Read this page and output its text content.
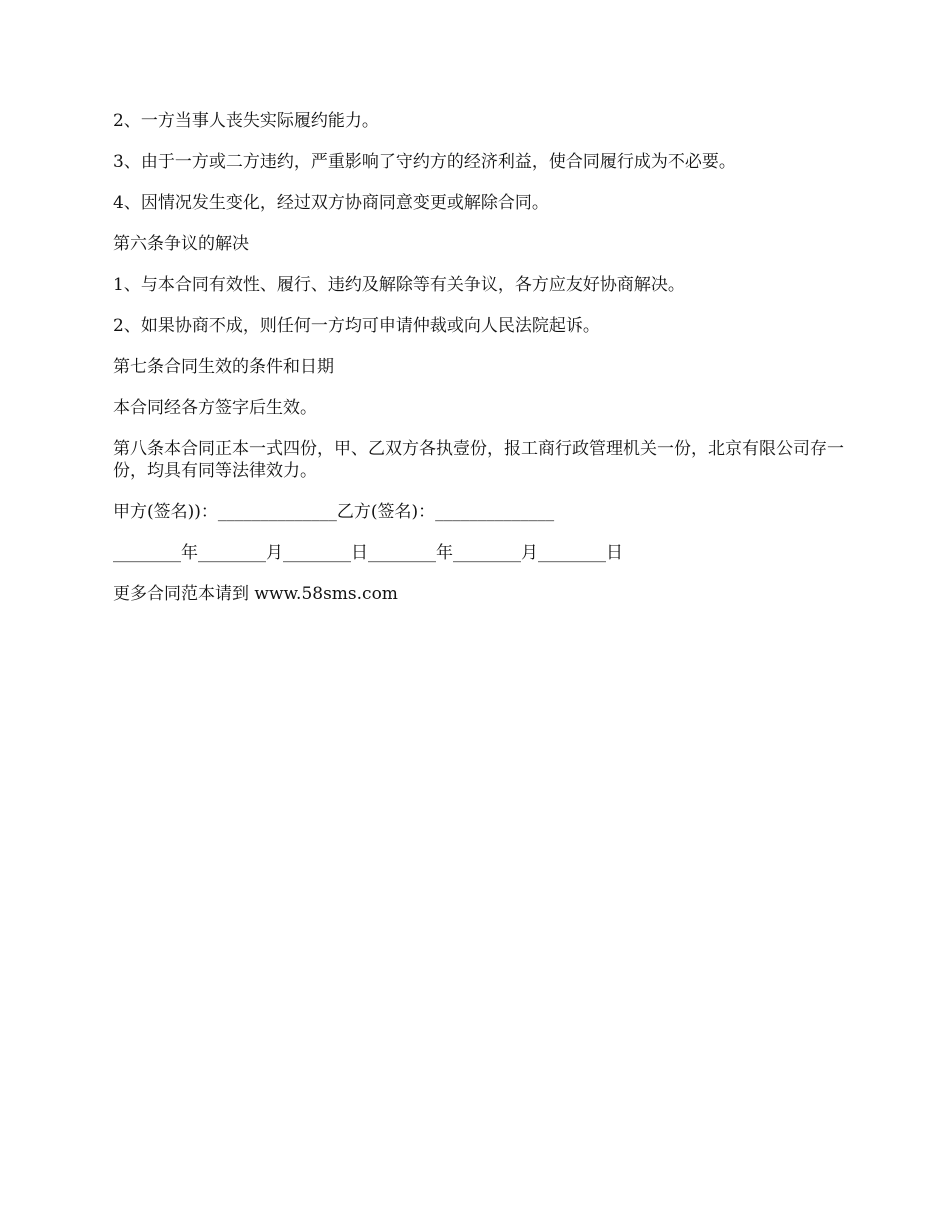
2、一方当事人丧失实际履约能力。

3、由于一方或二方违约，严重影响了守约方的经济利益，使合同履行成为不必要。

4、因情况发生变化，经过双方协商同意变更或解除合同。

第六条争议的解决

1、与本合同有效性、履行、违约及解除等有关争议，各方应友好协商解决。

2、如果协商不成，则任何一方均可申请仲裁或向人民法院起诉。

第七条合同生效的条件和日期

本合同经各方签字后生效。

第八条本合同正本一式四份，甲、乙双方各执壹份，报工商行政管理机关一份，北京有限公司存一份，均具有同等法律效力。

甲方(签名))：______________乙方(签名)：______________

________年________月________日________年________月________日

更多合同范本请到 www.58sms.com
